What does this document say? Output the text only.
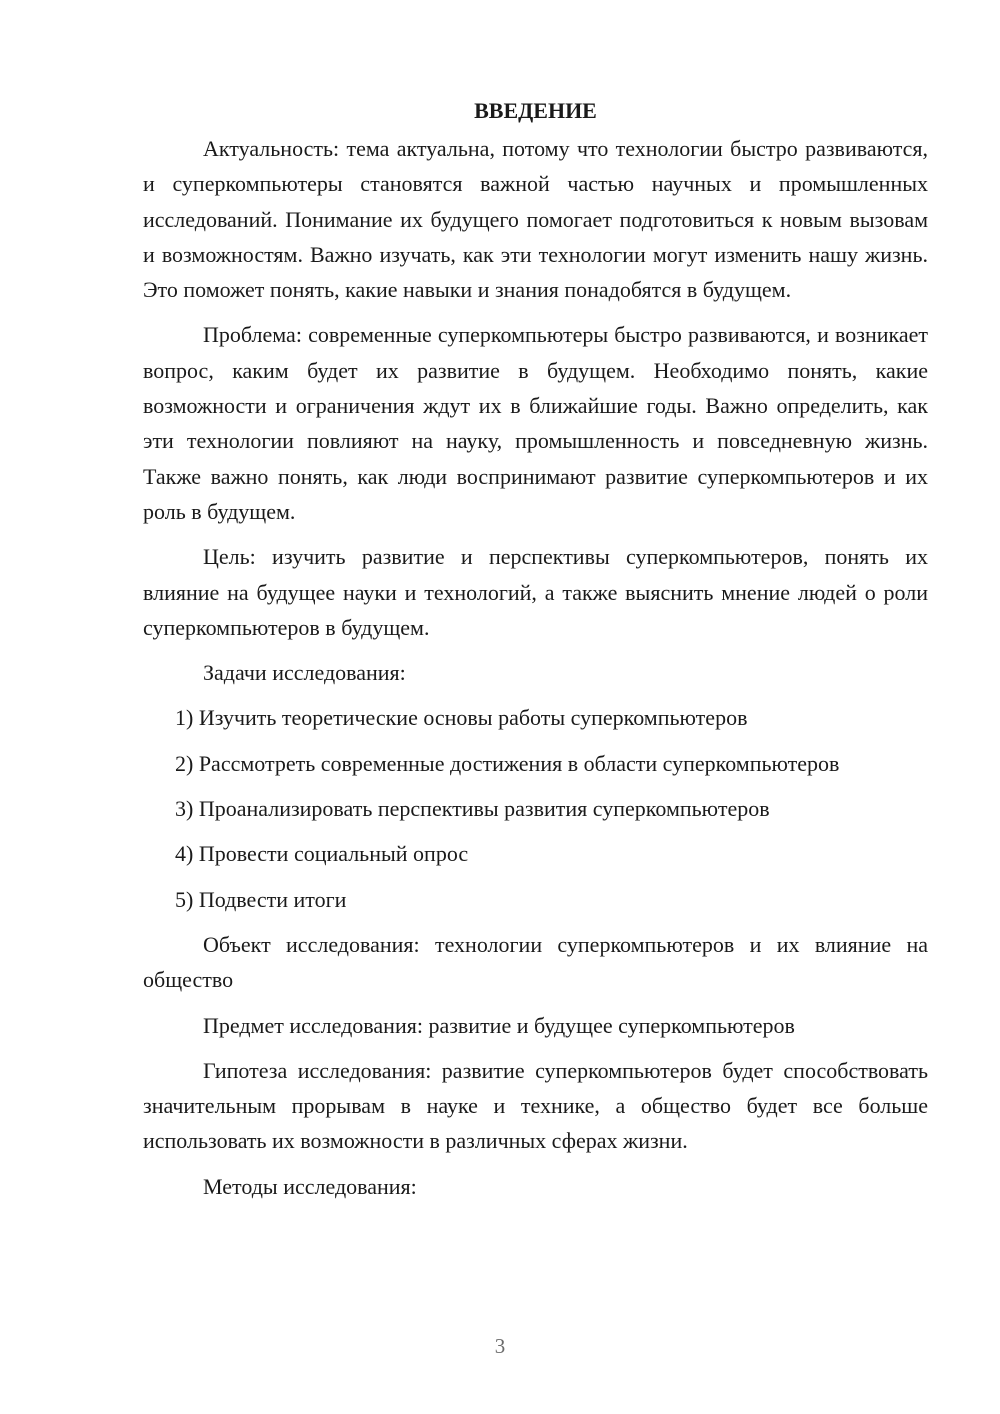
ВВЕДЕНИЕ

Актуальность: тема актуальна, потому что технологии быстро развиваются, и суперкомпьютеры становятся важной частью научных и промышленных исследований. Понимание их будущего помогает подготовиться к новым вызовам и возможностям. Важно изучать, как эти технологии могут изменить нашу жизнь. Это поможет понять, какие навыки и знания понадобятся в будущем.

Проблема: современные суперкомпьютеры быстро развиваются, и возникает вопрос, каким будет их развитие в будущем. Необходимо понять, какие возможности и ограничения ждут их в ближайшие годы. Важно определить, как эти технологии повлияют на науку, промышленность и повседневную жизнь. Также важно понять, как люди воспринимают развитие суперкомпьютеров и их роль в будущем.

Цель: изучить развитие и перспективы суперкомпьютеров, понять их влияние на будущее науки и технологий, а также выяснить мнение людей о роли суперкомпьютеров в будущем.

Задачи исследования:

1) Изучить теоретические основы работы суперкомпьютеров

2) Рассмотреть современные достижения в области суперкомпьютеров

3) Проанализировать перспективы развития суперкомпьютеров

4) Провести социальный опрос

5) Подвести итоги

Объект исследования: технологии суперкомпьютеров и их влияние на общество

Предмет исследования: развитие и будущее суперкомпьютеров

Гипотеза исследования: развитие суперкомпьютеров будет способствовать значительным прорывам в науке и технике, а общество будет все больше использовать их возможности в различных сферах жизни.

Методы исследования:

3
